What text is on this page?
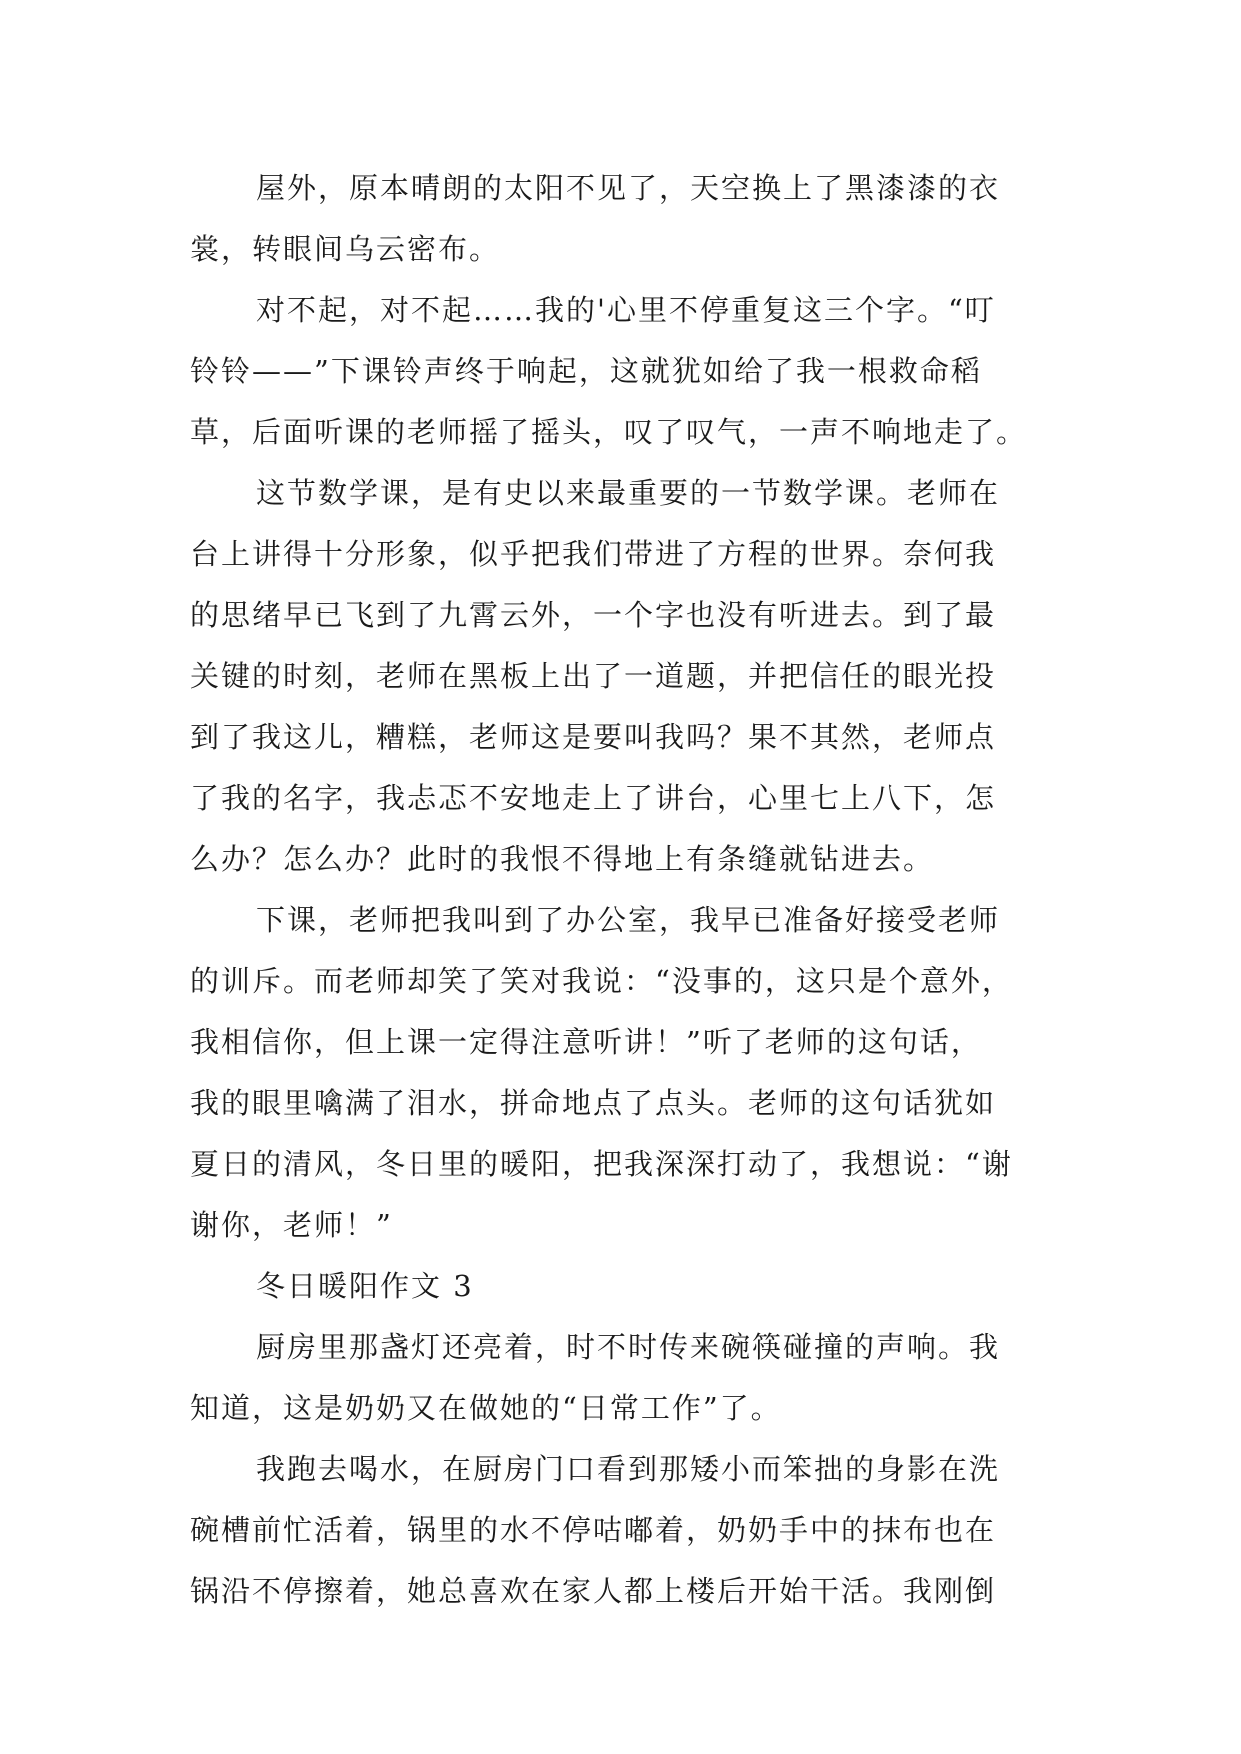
屋外，原本晴朗的太阳不见了，天空换上了黑漆漆的衣
裳，转眼间乌云密布。
对不起，对不起……我的'心里不停重复这三个字。“叮
铃铃——”下课铃声终于响起，这就犹如给了我一根救命稻
草，后面听课的老师摇了摇头，叹了叹气，一声不响地走了。
这节数学课，是有史以来最重要的一节数学课。老师在
台上讲得十分形象，似乎把我们带进了方程的世界。奈何我
的思绪早已飞到了九霄云外，一个字也没有听进去。到了最
关键的时刻，老师在黑板上出了一道题，并把信任的眼光投
到了我这儿，糟糕，老师这是要叫我吗？果不其然，老师点
了我的名字，我忐忑不安地走上了讲台，心里七上八下，怎
么办？怎么办？此时的我恨不得地上有条缝就钻进去。
下课，老师把我叫到了办公室，我早已准备好接受老师
的训斥。而老师却笑了笑对我说：“没事的，这只是个意外，
我相信你，但上课一定得注意听讲！”听了老师的这句话，
我的眼里噙满了泪水，拼命地点了点头。老师的这句话犹如
夏日的清风，冬日里的暖阳，把我深深打动了，我想说：“谢
谢你，老师！”
冬日暖阳作文 3
厨房里那盏灯还亮着，时不时传来碗筷碰撞的声响。我
知道，这是奶奶又在做她的“日常工作”了。
我跑去喝水，在厨房门口看到那矮小而笨拙的身影在洗
碗槽前忙活着，锅里的水不停咕嘟着，奶奶手中的抹布也在
锅沿不停擦着，她总喜欢在家人都上楼后开始干活。我刚倒
